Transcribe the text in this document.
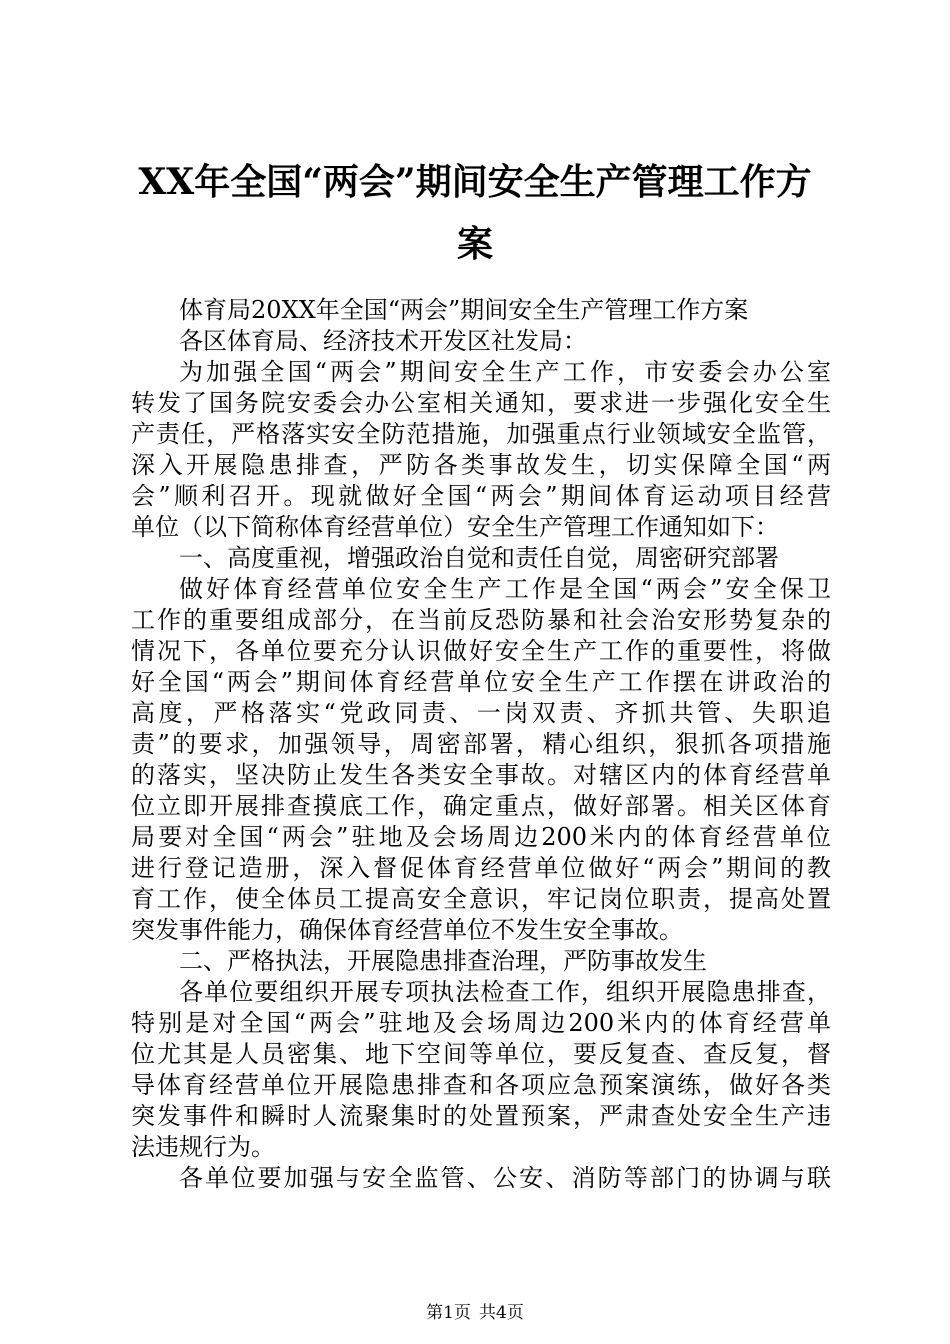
XX年全国“两会”期间安全生产管理工作方
案
体育局20XX年全国“两会”期间安全生产管理工作方案
各区体育局、经济技术开发区社发局：
为加强全国“两会”期间安全生产工作，市安委会办公室
转发了国务院安委会办公室相关通知，要求进一步强化安全生
产责任，严格落实安全防范措施，加强重点行业领域安全监管，
深入开展隐患排查，严防各类事故发生，切实保障全国“两
会”顺利召开。现就做好全国“两会”期间体育运动项目经营
单位（以下简称体育经营单位）安全生产管理工作通知如下：
一、高度重视，增强政治自觉和责任自觉，周密研究部署
做好体育经营单位安全生产工作是全国“两会”安全保卫
工作的重要组成部分，在当前反恐防暴和社会治安形势复杂的
情况下，各单位要充分认识做好安全生产工作的重要性，将做
好全国“两会”期间体育经营单位安全生产工作摆在讲政治的
高度，严格落实“党政同责、一岗双责、齐抓共管、失职追
责”的要求，加强领导，周密部署，精心组织，狠抓各项措施
的落实，坚决防止发生各类安全事故。对辖区内的体育经营单
位立即开展排查摸底工作，确定重点，做好部署。相关区体育
局要对全国“两会”驻地及会场周边200米内的体育经营单位
进行登记造册，深入督促体育经营单位做好“两会”期间的教
育工作，使全体员工提高安全意识，牢记岗位职责，提高处置
突发事件能力，确保体育经营单位不发生安全事故。
二、严格执法，开展隐患排查治理，严防事故发生
各单位要组织开展专项执法检查工作，组织开展隐患排查，
特别是对全国“两会”驻地及会场周边200米内的体育经营单
位尤其是人员密集、地下空间等单位，要反复查、查反复，督
导体育经营单位开展隐患排查和各项应急预案演练，做好各类
突发事件和瞬时人流聚集时的处置预案，严肃查处安全生产违
法违规行为。
各单位要加强与安全监管、公安、消防等部门的协调与联
第1页 共4页
